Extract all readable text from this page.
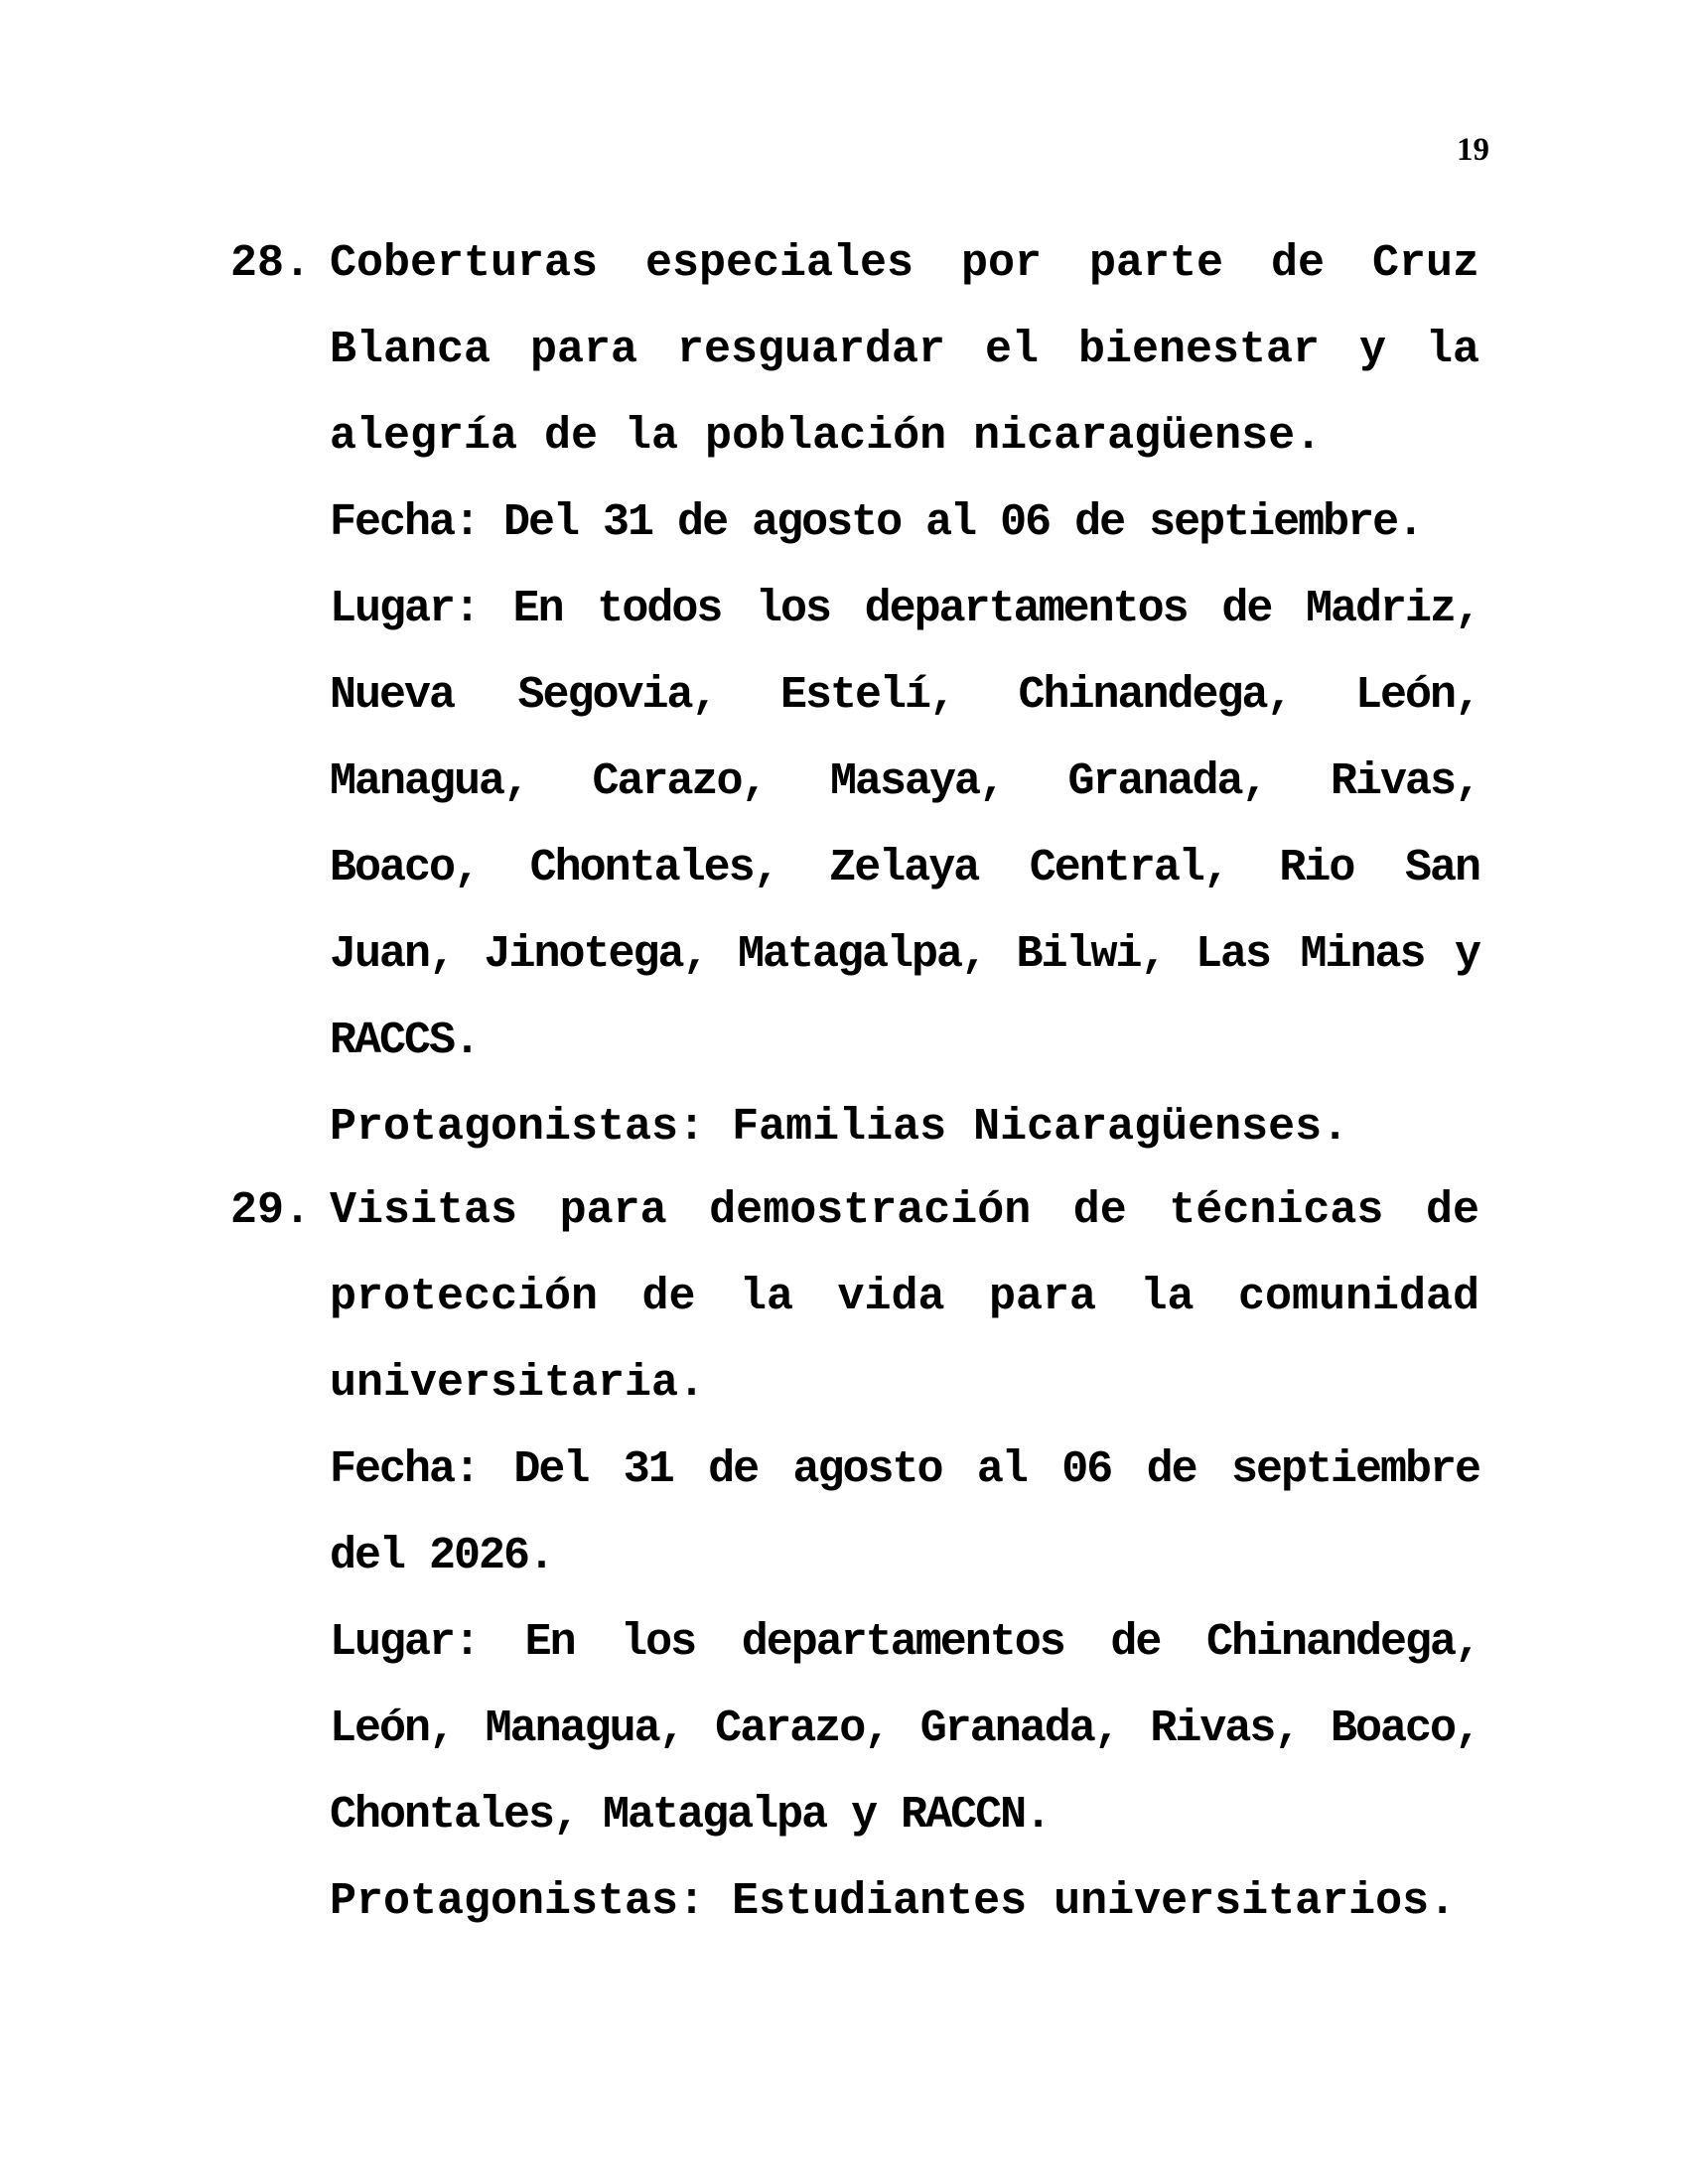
19
28. Coberturas especiales por parte de Cruz Blanca para resguardar el bienestar y la alegría de la población nicaragüense.

Fecha: Del 31 de agosto al 06 de septiembre.

Lugar: En todos los departamentos de Madriz, Nueva Segovia, Estelí, Chinandega, León, Managua, Carazo, Masaya, Granada, Rivas, Boaco, Chontales, Zelaya Central, Rio San Juan, Jinotega, Matagalpa, Bilwi, Las Minas y RACCS.

Protagonistas: Familias Nicaragüenses.

29. Visitas para demostración de técnicas de protección de la vida para la comunidad universitaria.

Fecha: Del 31 de agosto al 06 de septiembre del 2026.

Lugar: En los departamentos de Chinandega, León, Managua, Carazo, Granada, Rivas, Boaco, Chontales, Matagalpa y RACCN.

Protagonistas: Estudiantes universitarios.
